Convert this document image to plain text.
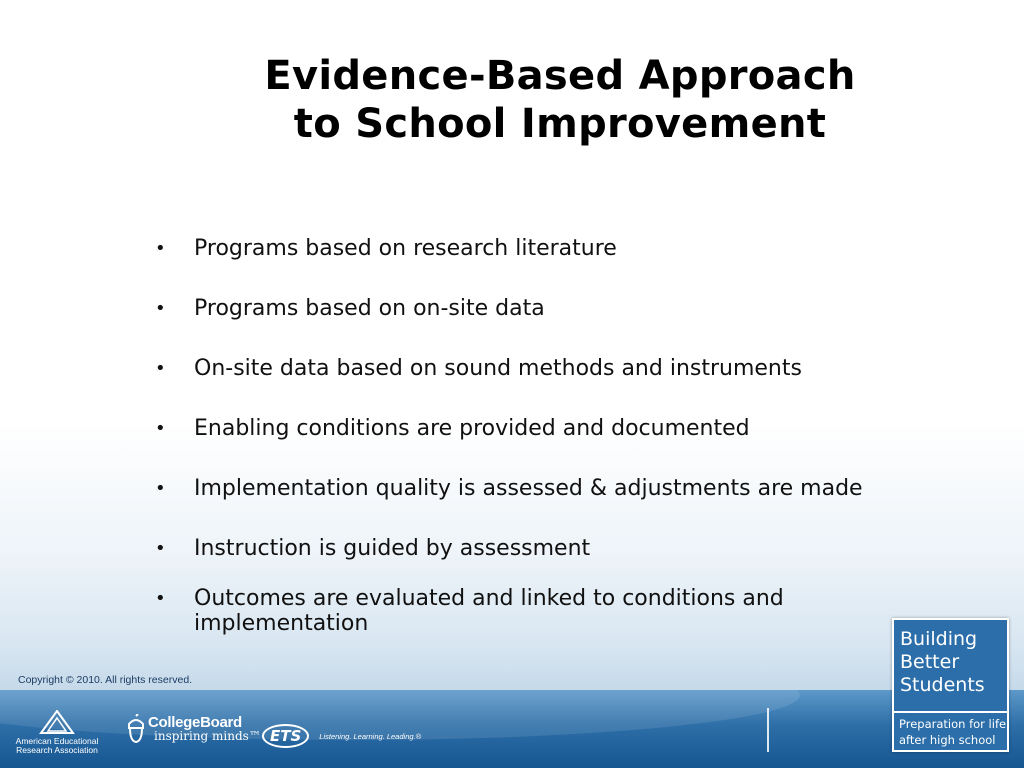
Evidence-Based Approach
to School Improvement
• Programs based on research literature
• Programs based on on-site data
• On-site data based on sound methods and instruments
• Enabling conditions are provided and documented
• Implementation quality is assessed & adjustments are made
• Instruction is guided by assessment
• Outcomes are evaluated and linked to conditions and implementation
Copyright © 2010. All rights reserved.
American Educational
Research Association
CollegeBoard
inspiring minds™ ETS	Listening. Learning. Leading.®
Building
Better
Students
Preparation for life
after high school
